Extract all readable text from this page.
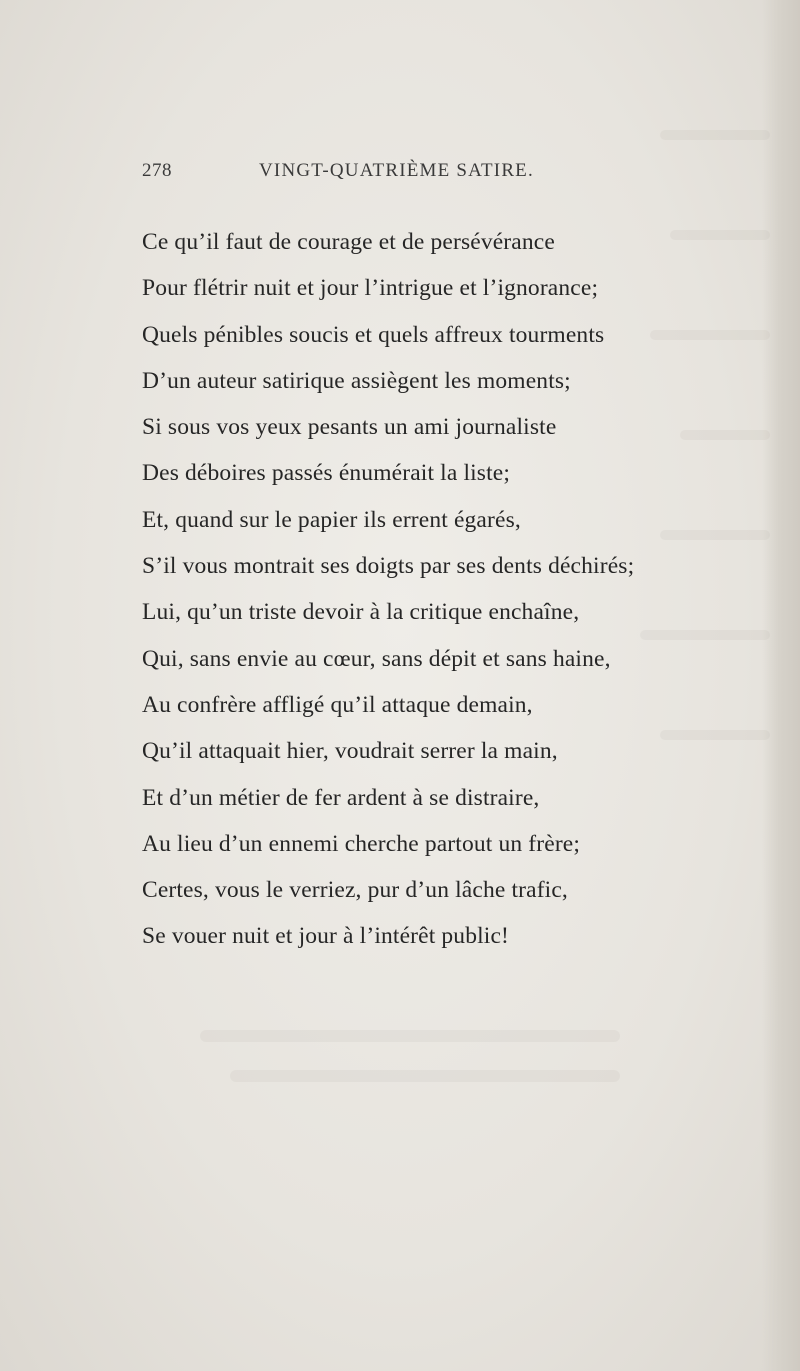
278	VINGT-QUATRIÈME SATIRE.
Ce qu’il faut de courage et de persévérance
Pour flétrir nuit et jour l’intrigue et l’ignorance;
Quels pénibles soucis et quels affreux tourments
D’un auteur satirique assiègent les moments;
Si sous vos yeux pesants un ami journaliste
Des déboires passés énumérait la liste;
Et, quand sur le papier ils errent égarés,
S’il vous montrait ses doigts par ses dents déchirés;
Lui, qu’un triste devoir à la critique enchaîne,
Qui, sans envie au cœur, sans dépit et sans haine,
Au confrère affligé qu’il attaque demain,
Qu’il attaquait hier, voudrait serrer la main,
Et d’un métier de fer ardent à se distraire,
Au lieu d’un ennemi cherche partout un frère;
Certes, vous le verriez, pur d’un lâche trafic,
Se vouer nuit et jour à l’intérêt public!
